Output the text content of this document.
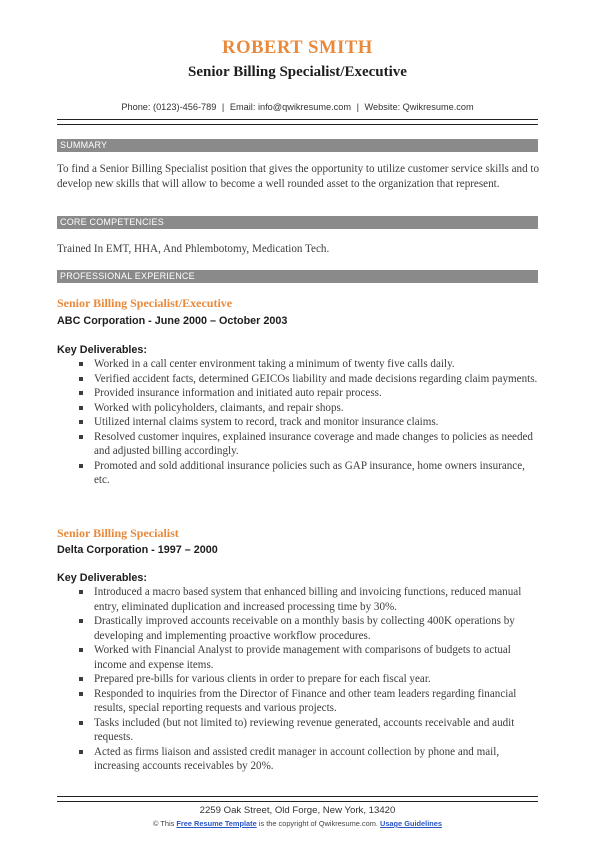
ROBERT SMITH
Senior Billing Specialist/Executive
Phone: (0123)-456-789 | Email: info@qwikresume.com | Website: Qwikresume.com
SUMMARY
To find a Senior Billing Specialist position that gives the opportunity to utilize customer service skills and to develop new skills that will allow to become a well rounded asset to the organization that represent.
CORE COMPETENCIES
Trained In EMT, HHA, And Phlembotomy, Medication Tech.
PROFESSIONAL EXPERIENCE
Senior Billing Specialist/Executive
ABC Corporation - June 2000 – October 2003
Key Deliverables:
Worked in a call center environment taking a minimum of twenty five calls daily.
Verified accident facts, determined GEICOs liability and made decisions regarding claim payments.
Provided insurance information and initiated auto repair process.
Worked with policyholders, claimants, and repair shops.
Utilized internal claims system to record, track and monitor insurance claims.
Resolved customer inquires, explained insurance coverage and made changes to policies as needed and adjusted billing accordingly.
Promoted and sold additional insurance policies such as GAP insurance, home owners insurance, etc.
Senior Billing Specialist
Delta Corporation - 1997 – 2000
Key Deliverables:
Introduced a macro based system that enhanced billing and invoicing functions, reduced manual entry, eliminated duplication and increased processing time by 30%.
Drastically improved accounts receivable on a monthly basis by collecting 400K operations by developing and implementing proactive workflow procedures.
Worked with Financial Analyst to provide management with comparisons of budgets to actual income and expense items.
Prepared pre-bills for various clients in order to prepare for each fiscal year.
Responded to inquiries from the Director of Finance and other team leaders regarding financial results, special reporting requests and various projects.
Tasks included (but not limited to) reviewing revenue generated, accounts receivable and audit requests.
Acted as firms liaison and assisted credit manager in account collection by phone and mail, increasing accounts receivables by 20%.
2259 Oak Street, Old Forge, New York, 13420
© This Free Resume Template is the copyright of Qwikresume.com. Usage Guidelines
